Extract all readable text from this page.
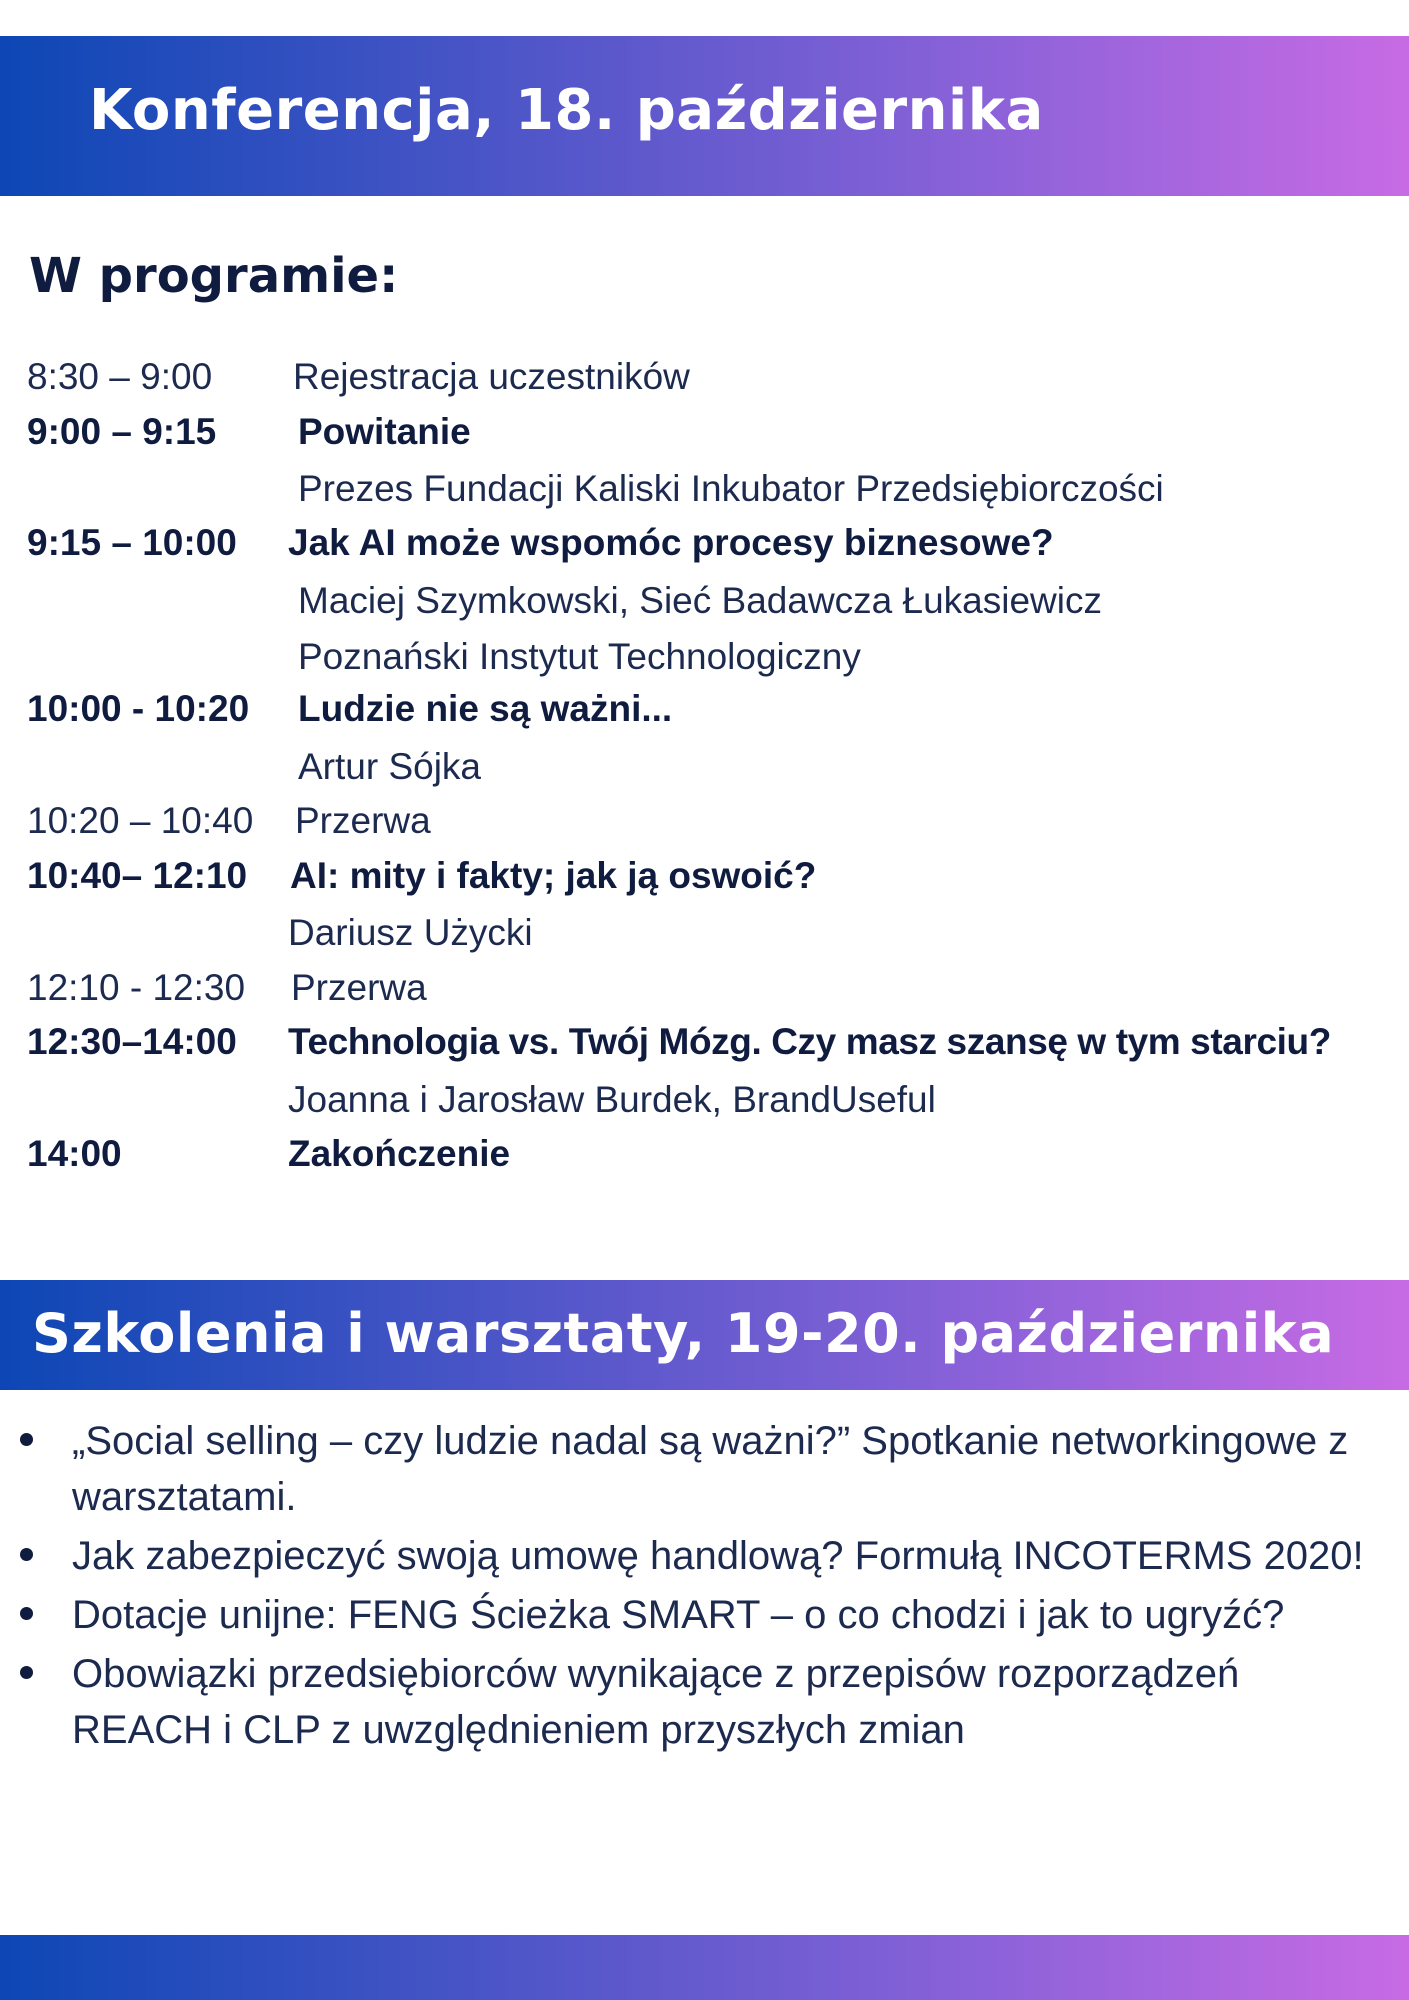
Konferencja, 18. października
W programie:
8:30 – 9:00 Rejestracja uczestników
9:00 – 9:15 Powitanie
Prezes Fundacji Kaliski Inkubator Przedsiębiorczości
9:15 – 10:00 Jak AI może wspomóc procesy biznesowe?
Maciej Szymkowski, Sieć Badawcza Łukasiewicz
Poznański Instytut Technologiczny
10:00 - 10:20 Ludzie nie są ważni...
Artur Sójka
10:20 – 10:40 Przerwa
10:40– 12:10 AI: mity i fakty; jak ją oswoić?
Dariusz Użycki
12:10 - 12:30 Przerwa
12:30–14:00 Technologia vs. Twój Mózg. Czy masz szansę w tym starciu?
Joanna i Jarosław Burdek, BrandUseful
14:00	Zakończenie
Szkolenia i warsztaty, 19-20. października
„Social selling – czy ludzie nadal są ważni?” Spotkanie networkingowe z warsztatami.
Jak zabezpieczyć swoją umowę handlową? Formułą INCOTERMS 2020!
Dotacje unijne: FENG Ścieżka SMART – o co chodzi i jak to ugryźć?
Obowiązki przedsiębiorców wynikające z przepisów rozporządzeń REACH i CLP z uwzględnieniem przyszłych zmian
